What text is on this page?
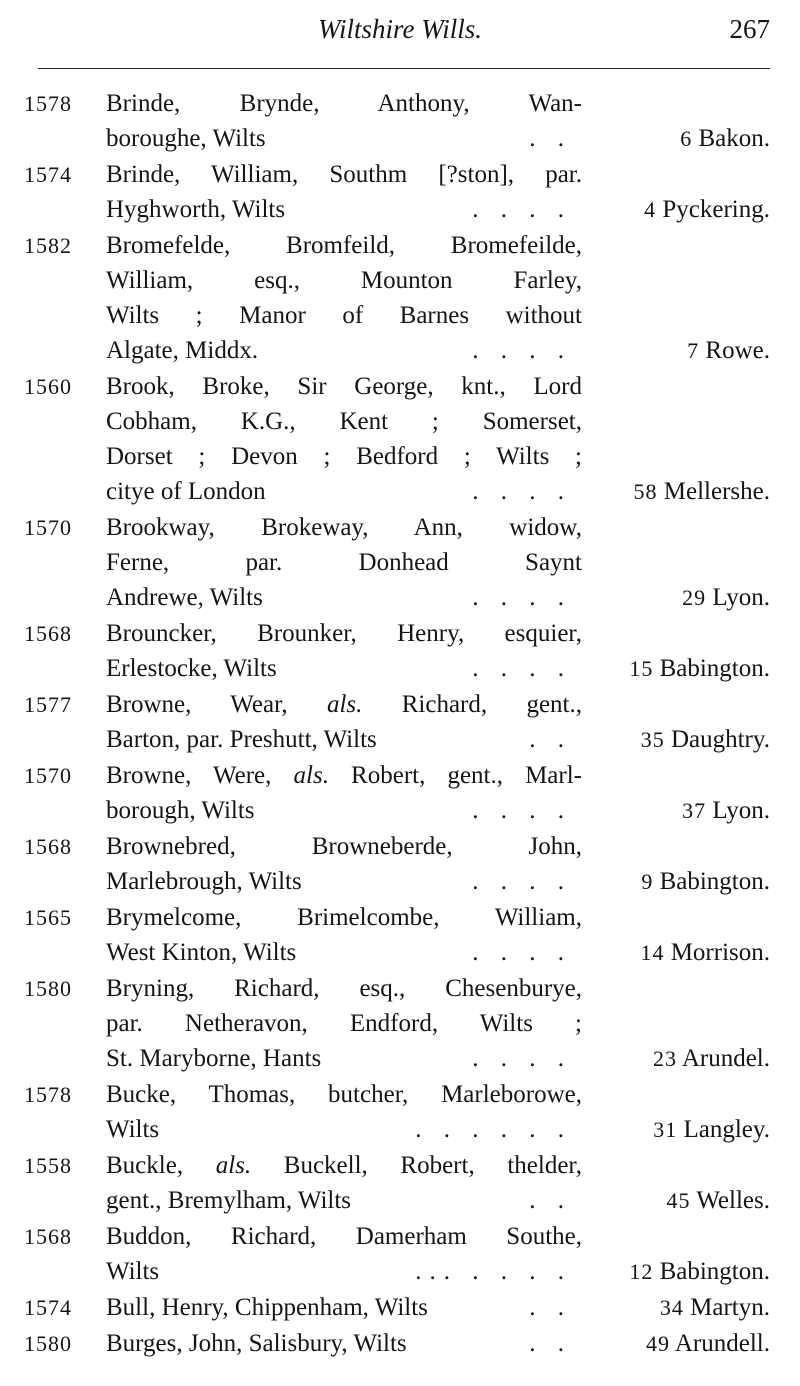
Wiltshire Wills.	267
1578 Brinde, Brynde, Anthony, Wan-
boroughe, Wilts	. .	6 Bakon.
1574 Brinde, William, Southm [?ston], par.
Hyghworth, Wilts	. . . .	4 Pyckering.
1582 Bromefelde, Bromfeild, Bromefeilde,
William, esq., Mounton Farley,
Wilts ; Manor of Barnes without
Algate, Middx.	. . . .	7 Rowe.
1560 Brook, Broke, Sir George, knt., Lord
Cobham, K.G., Kent ; Somerset,
Dorset ; Devon ; Bedford ; Wilts ;
citye of London	. . . .	58 Mellershe.
1570 Brookway, Brokeway, Ann, widow,
Ferne, par. Donhead Saynt
Andrewe, Wilts	. . . .	29 Lyon.
1568 Brouncker, Brounker, Henry, esquier,
Erlestocke, Wilts	. . . .	15 Babington.
1577 Browne, Wear, als. Richard, gent.,
Barton, par. Preshutt, Wilts	. .	35 Daughtry.
1570 Browne, Were, als. Robert, gent., Marl-
borough, Wilts	. . . .	37 Lyon.
1568 Brownebred, Browneberde, John,
Marlebrough, Wilts	. . . .	9 Babington.
1565 Brymelcome, Brimelcombe, William,
West Kinton, Wilts	. . . .	14 Morrison.
1580 Bryning, Richard, esq., Chesenburye,
par. Netheravon, Endford, Wilts ;
St. Maryborne, Hants	. . . .	23 Arundel.
1578 Bucke, Thomas, butcher, Marleborowe,
Wilts	. . . . . .	31 Langley.
1558 Buckle, als. Buckell, Robert, thelder,
gent., Bremylham, Wilts	. .	45 Welles.
1568 Buddon, Richard, Damerham Southe,
Wilts	... . . . .	12 Babington.
1574 Bull, Henry, Chippenham, Wilts	. .	34 Martyn.
1580 Burges, John, Salisbury, Wilts	. .	49 Arundell.
